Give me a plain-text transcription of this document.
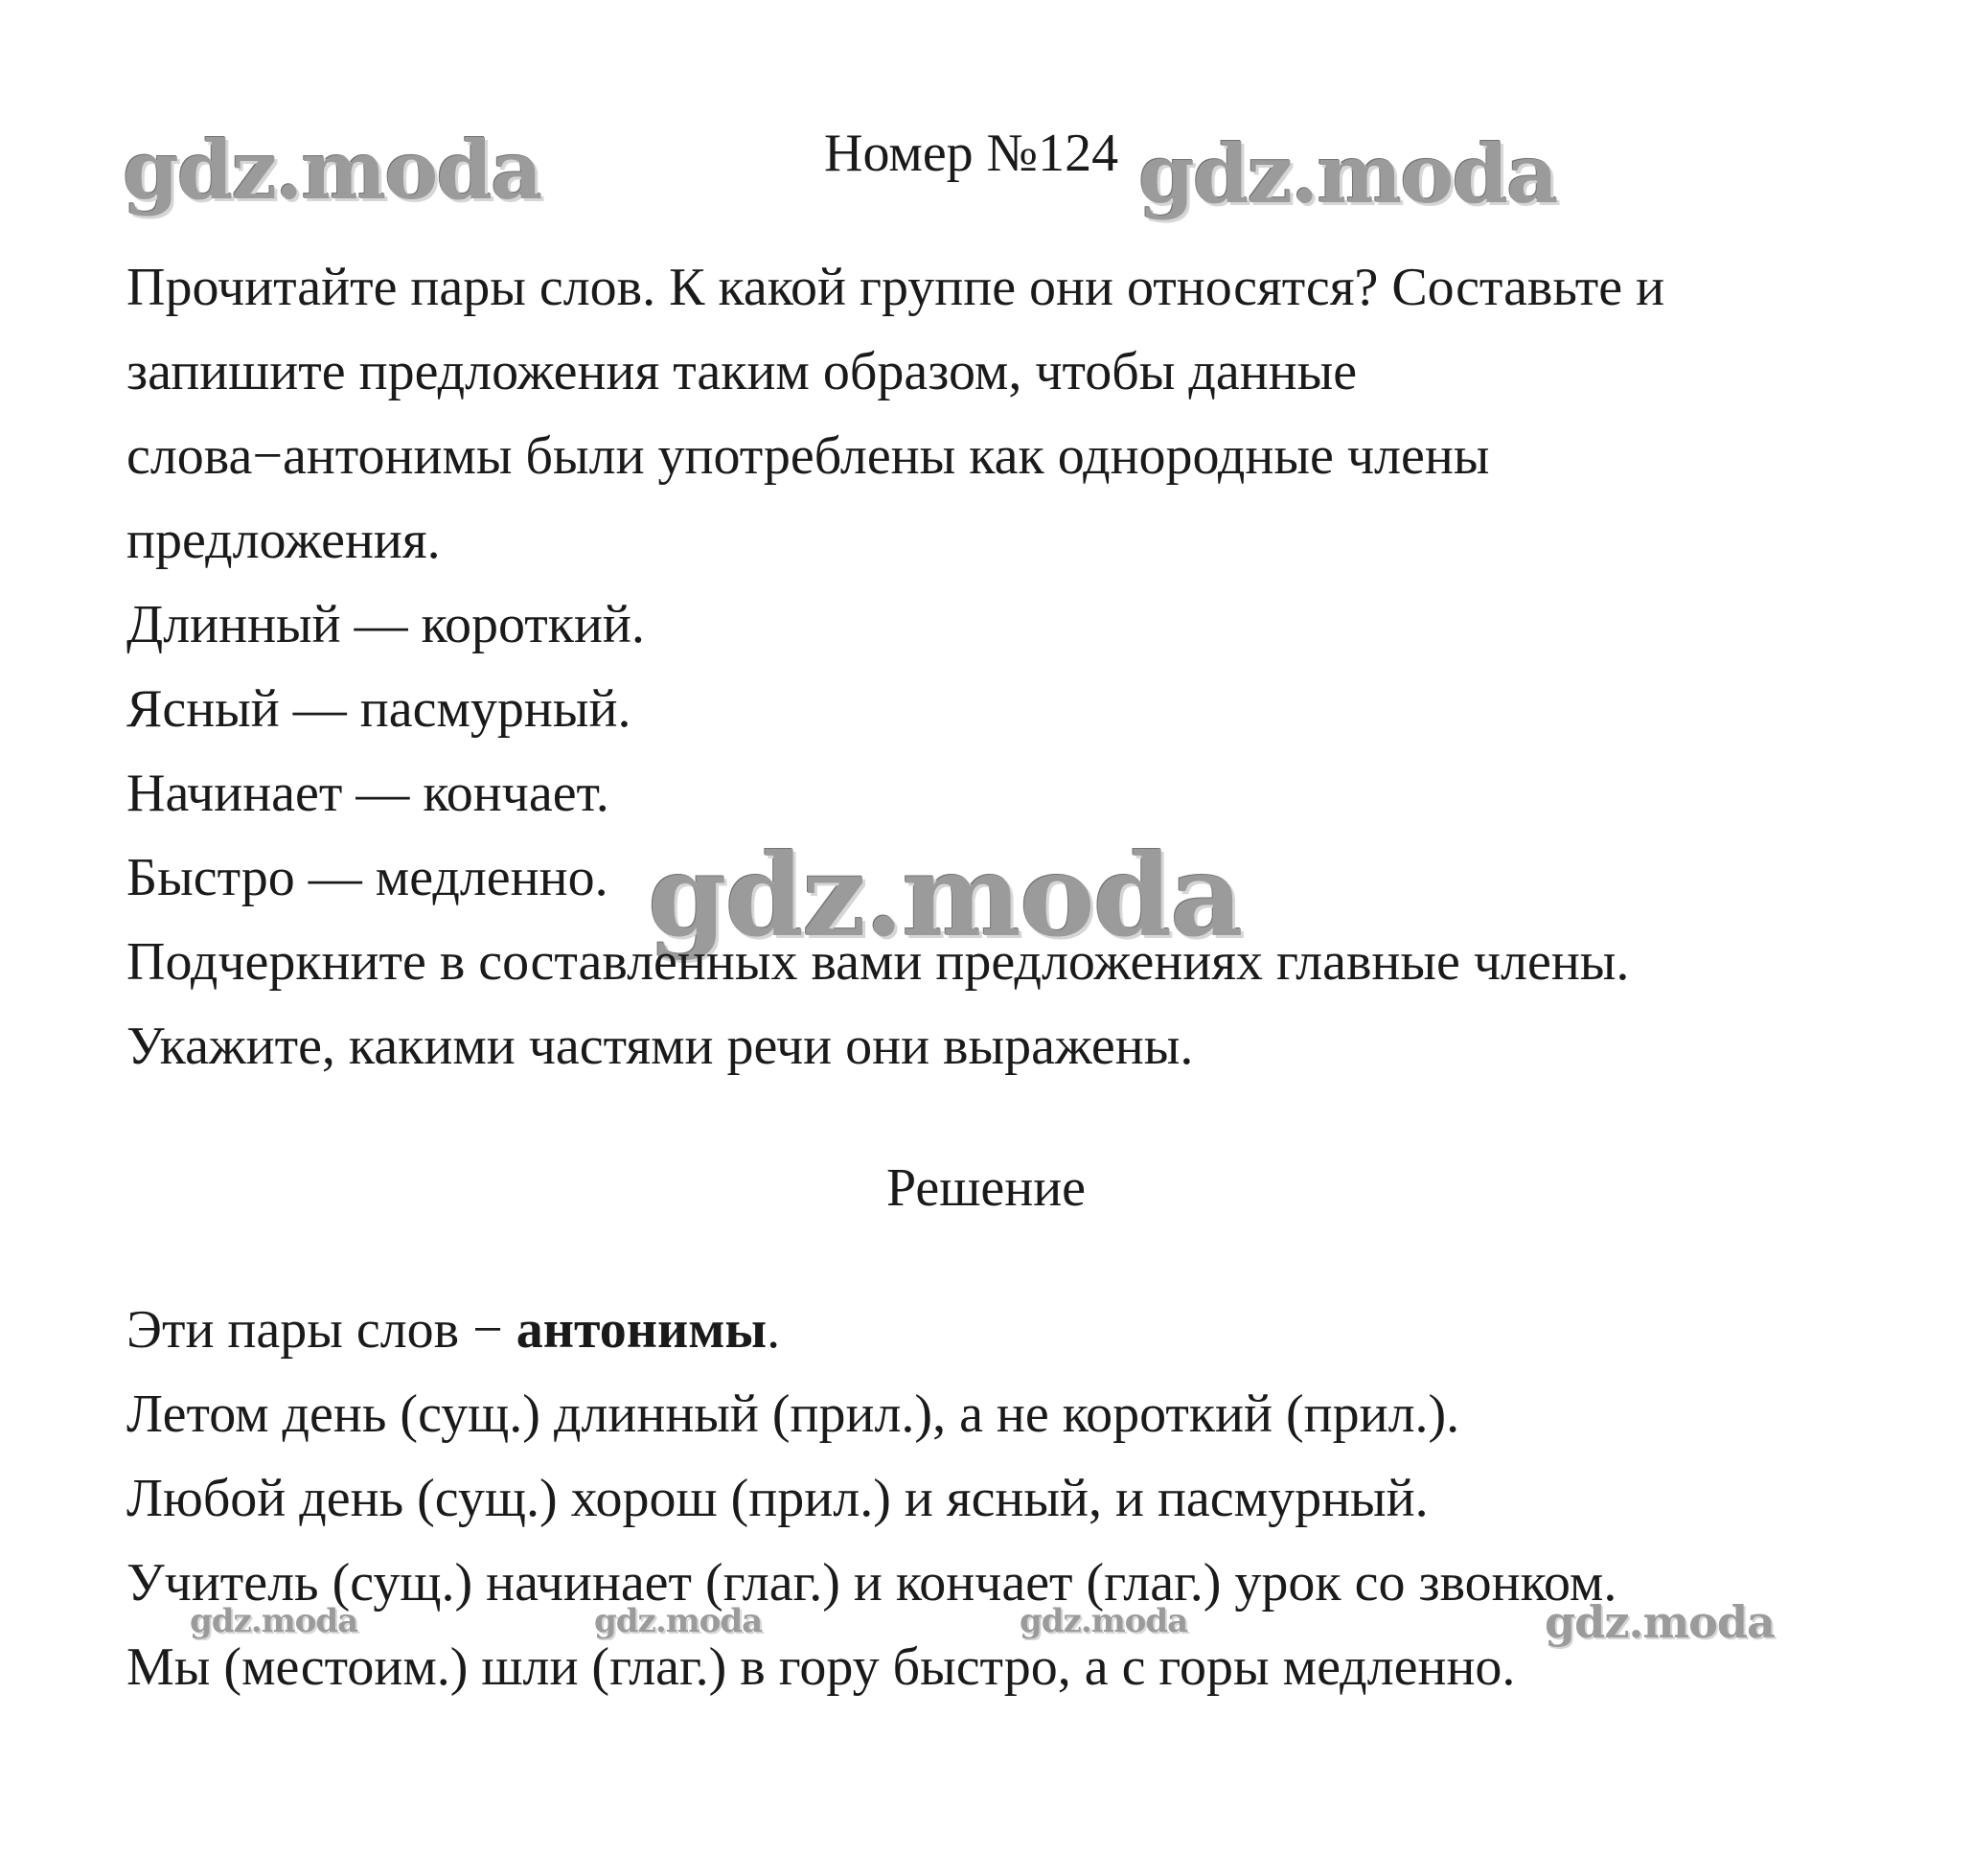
gdz.moda	gdz.moda
gdz.moda
gdz.moda	gdz.moda	gdz.moda	gdz.moda
Номер №124
Прочитайте пары слов. К какой группе они относятся? Составьте и
запишите предложения таким образом, чтобы данные
слова−антонимы были употреблены как однородные члены
предложения.
Длинный — короткий.
Ясный — пасмурный.
Начинает — кончает.
Быстро — медленно.
Подчеркните в составленных вами предложениях главные члены.
Укажите, какими частями речи они выражены.
Решение
Эти пары слов − антонимы.
Летом день (сущ.) длинный (прил.), а не короткий (прил.).
Любой день (сущ.) хорош (прил.) и ясный, и пасмурный.
Учитель (сущ.) начинает (глаг.) и кончает (глаг.) урок со звонком.
Мы (местоим.) шли (глаг.) в гору быстро, а с горы медленно.
